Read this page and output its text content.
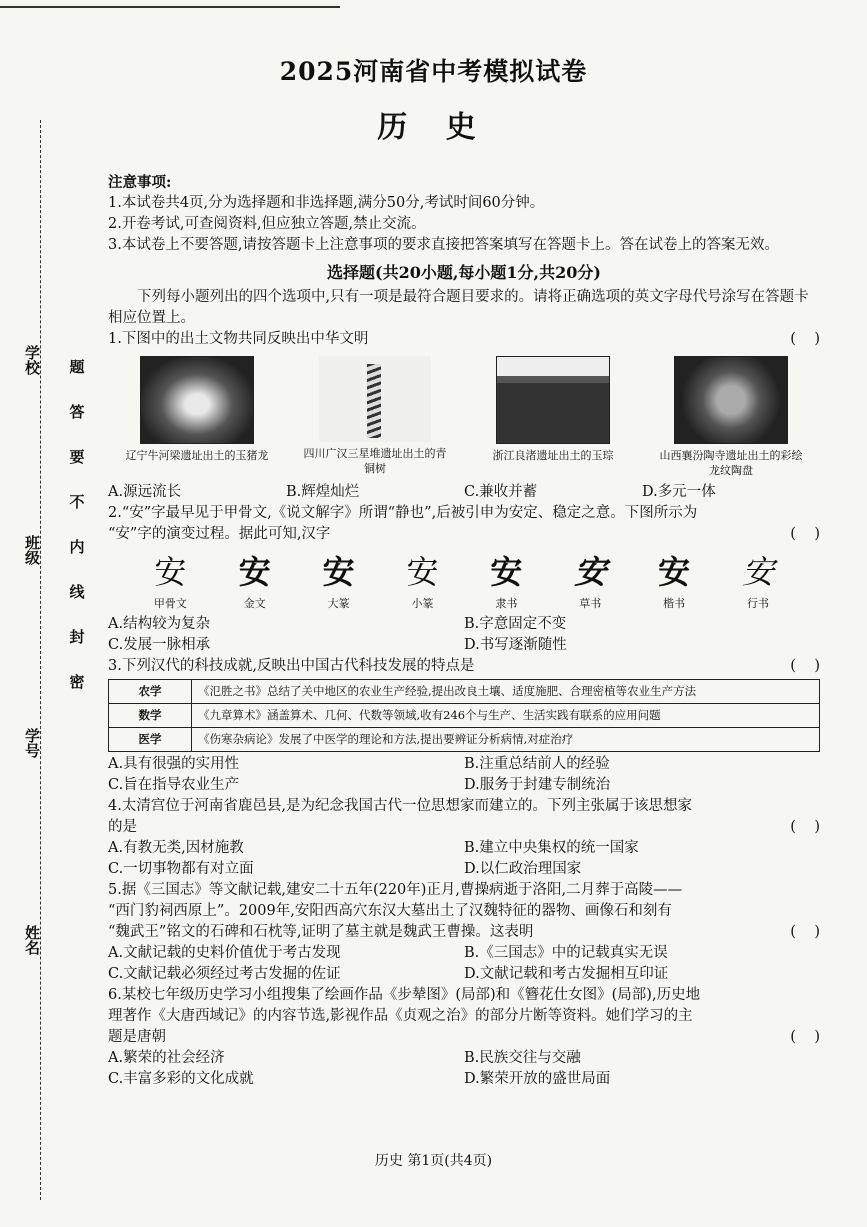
学校
班级
学号
姓名
题
答
要
不
内
线
封
密
2025河南省中考模拟试卷
历 史
注意事项:
1.本试卷共4页,分为选择题和非选择题,满分50分,考试时间60分钟。
2.开卷考试,可查阅资料,但应独立答题,禁止交流。
3.本试卷上不要答题,请按答题卡上注意事项的要求直接把答案填写在答题卡上。答在试卷上的答案无效。
选择题(共20小题,每小题1分,共20分)
下列每小题列出的四个选项中,只有一项是最符合题目要求的。请将正确选项的英文字母代号涂写在答题卡相应位置上。
1.下图中的出土文物共同反映出中华文明	(    )
辽宁牛河梁遗址出土的玉猪龙	四川广汉三星堆遗址出土的青铜树
浙江良渚遗址出土的玉琮	山西襄汾陶寺遗址出土的彩绘龙纹陶盘
A.源远流长	B.辉煌灿烂	C.兼收并蓄	D.多元一体
2.“安”字最早见于甲骨文,《说文解字》所谓“静也”,后被引申为安定、稳定之意。下图所示为
“安”字的演变过程。据此可知,汉字	(    )
安
甲骨文
安
金文
安
大篆
安
小篆
安
隶书
安
草书
安
楷书
安
行书
A.结构较为复杂	B.字意固定不变
C.发展一脉相承	D.书写逐渐随性
3.下列汉代的科技成就,反映出中国古代科技发展的特点是	(    )
农学	《氾胜之书》总结了关中地区的农业生产经验,提出改良土壤、适度施肥、合理密植等农业生产方法
数学	《九章算术》涵盖算术、几何、代数等领域,收有246个与生产、生活实践有联系的应用问题
医学	《伤寒杂病论》发展了中医学的理论和方法,提出要辨证分析病情,对症治疗
A.具有很强的实用性	B.注重总结前人的经验
C.旨在指导农业生产	D.服务于封建专制统治
4.太清宫位于河南省鹿邑县,是为纪念我国古代一位思想家而建立的。下列主张属于该思想家
的是	(    )
A.有教无类,因材施教	B.建立中央集权的统一国家
C.一切事物都有对立面	D.以仁政治理国家
5.据《三国志》等文献记载,建安二十五年(220年)正月,曹操病逝于洛阳,二月葬于高陵——
“西门豹祠西原上”。2009年,安阳西高穴东汉大墓出土了汉魏特征的器物、画像石和刻有
“魏武王”铭文的石碑和石枕等,证明了墓主就是魏武王曹操。这表明	(    )
A.文献记载的史料价值优于考古发现	B.《三国志》中的记载真实无误
C.文献记载必须经过考古发掘的佐证	D.文献记载和考古发掘相互印证
6.某校七年级历史学习小组搜集了绘画作品《步辇图》(局部)和《簪花仕女图》(局部),历史地
理著作《大唐西域记》的内容节选,影视作品《贞观之治》的部分片断等资料。她们学习的主
题是唐朝	(    )
A.繁荣的社会经济	B.民族交往与交融
C.丰富多彩的文化成就	D.繁荣开放的盛世局面
历史 第1页(共4页)
